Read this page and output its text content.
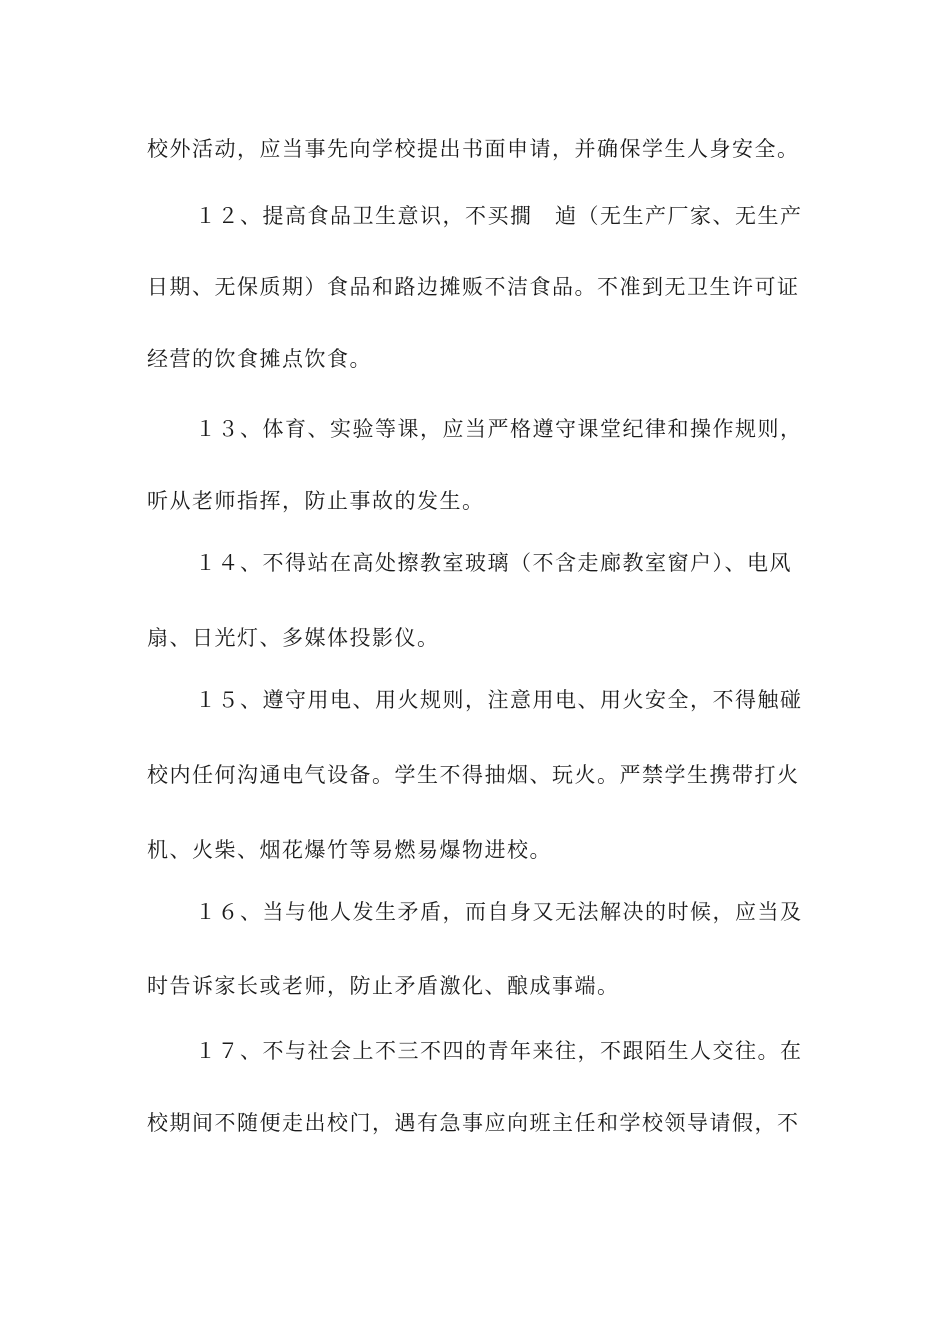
校外活动，应当事先向学校提出书面申请，并确保学生人身安全。
１２、提高食品卫生意识，不买撊　逌（无生产厂家、无生产
日期、无保质期）食品和路边摊贩不洁食品。不准到无卫生许可证
经营的饮食摊点饮食。
１３、体育、实验等课，应当严格遵守课堂纪律和操作规则，
听从老师指挥，防止事故的发生。
１４、不得站在高处擦教室玻璃（不含走廊教室窗户）、电风
扇、日光灯、多媒体投影仪。
１５、遵守用电、用火规则，注意用电、用火安全，不得触碰
校内任何沟通电气设备。学生不得抽烟、玩火。严禁学生携带打火
机、火柴、烟花爆竹等易燃易爆物进校。
１６、当与他人发生矛盾，而自身又无法解决的时候，应当及
时告诉家长或老师，防止矛盾激化、酿成事端。
１７、不与社会上不三不四的青年来往，不跟陌生人交往。在
校期间不随便走出校门，遇有急事应向班主任和学校领导请假，不
